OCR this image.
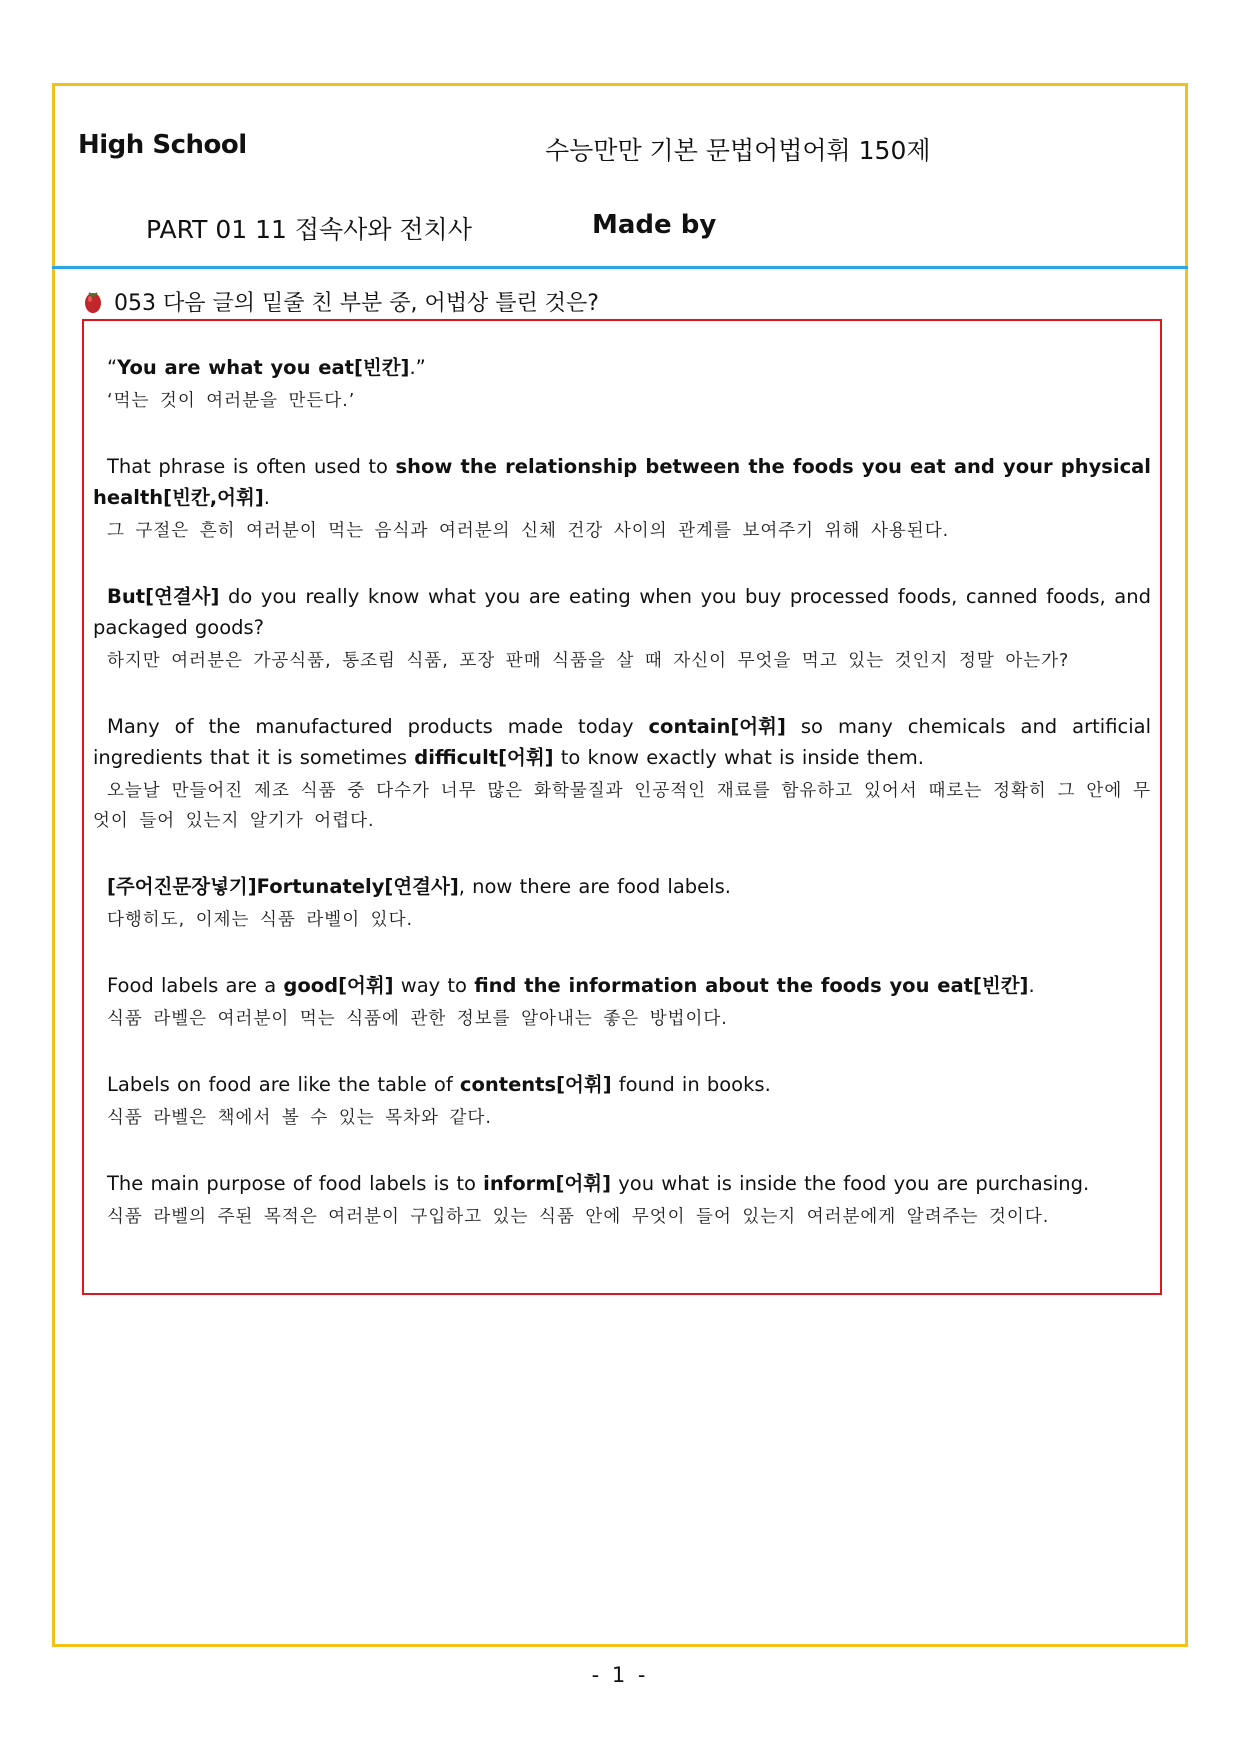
High School	수능만만 기본 문법어법어휘 150제
PART 01 11 접속사와 전치사	Made by
053 다음 글의 밑줄 친 부분 중, 어법상 틀린 것은?

“You are what you eat[빈칸].”

‘먹는 것이 여러분을 만든다.’

That phrase is often used to show the relationship between the foods you eat and your physical health[빈칸,어휘].

그 구절은 흔히 여러분이 먹는 음식과 여러분의 신체 건강 사이의 관계를 보여주기 위해 사용된다.

But[연결사] do you really know what you are eating when you buy processed foods, canned foods, and packaged goods?

하지만 여러분은 가공식품, 통조림 식품, 포장 판매 식품을 살 때 자신이 무엇을 먹고 있는 것인지 정말 아는가?

Many of the manufactured products made today contain[어휘] so many chemicals and artificial ingredients that it is sometimes difficult[어휘] to know exactly what is inside them.

오늘날 만들어진 제조 식품 중 다수가 너무 많은 화학물질과 인공적인 재료를 함유하고 있어서 때로는 정확히 그 안에 무엇이 들어 있는지 알기가 어렵다.

[주어진문장넣기]Fortunately[연결사], now there are food labels.

다행히도, 이제는 식품 라벨이 있다.

Food labels are a good[어휘] way to find the information about the foods you eat[빈칸].

식품 라벨은 여러분이 먹는 식품에 관한 정보를 알아내는 좋은 방법이다.

Labels on food are like the table of contents[어휘] found in books.

식품 라벨은 책에서 볼 수 있는 목차와 같다.

The main purpose of food labels is to inform[어휘] you what is inside the food you are purchasing.

식품 라벨의 주된 목적은 여러분이 구입하고 있는 식품 안에 무엇이 들어 있는지 여러분에게 알려주는 것이다.

- 1 -
